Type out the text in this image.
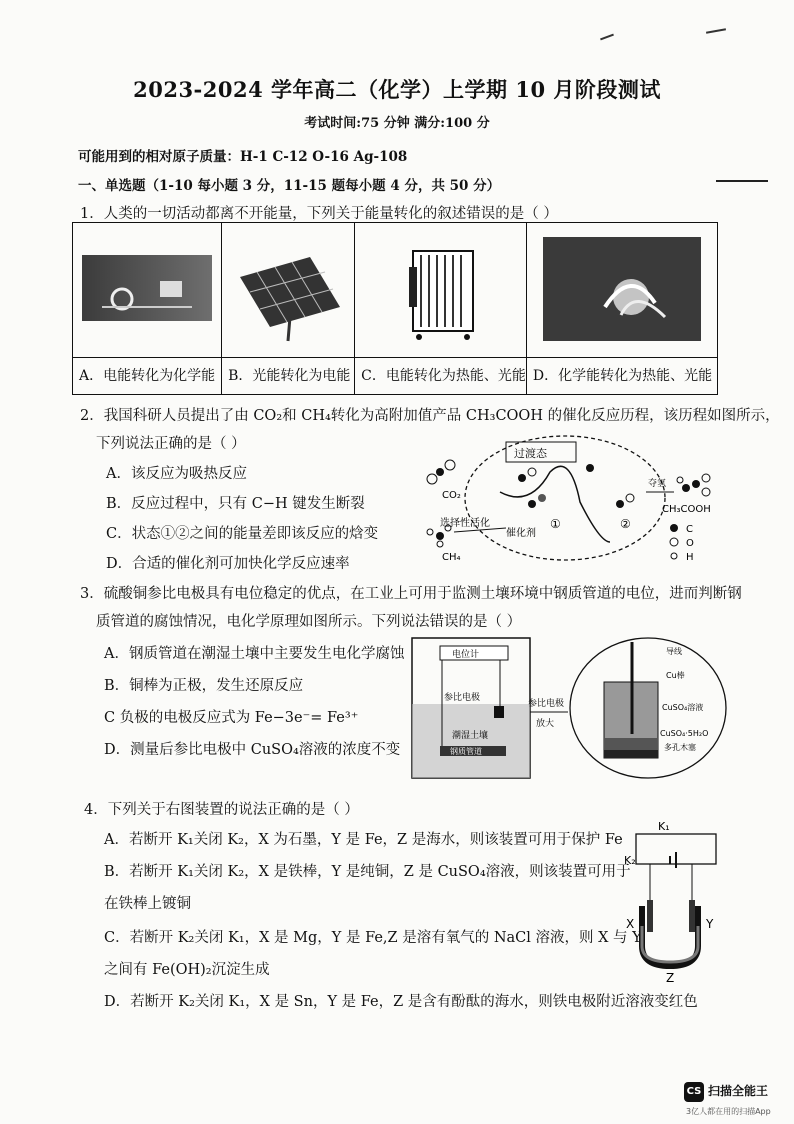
2023-2024 学年高二（化学）上学期 10 月阶段测试
考试时间:75 分钟 满分:100 分
可能用到的相对原子质量：H-1 C-12 O-16 Ag-108
一、单选题（1-10 每小题 3 分，11-15 题每小题 4 分，共 50 分）
1．人类的一切活动都离不开能量，下列关于能量转化的叙述错误的是（ ）
A．电能转化为化学能	B．光能转化为电能	C．电能转化为热能、光能	D．化学能转化为热能、光能
2．我国科研人员提出了由 CO₂和 CH₄转化为高附加值产品 CH₃COOH 的催化反应历程，该历程如图所示，
下列说法正确的是（ ）
A．该反应为吸热反应
B．反应过程中，只有 C−H 键发生断裂
C．状态①②之间的能量差即该反应的焓变
D．合适的催化剂可加快化学反应速率
过渡态
CO₂
CH₄
选择性活化
催化剂
①	②
夺氢
CH₃COOH
C
O
H
3．硫酸铜参比电极具有电位稳定的优点，在工业上可用于监测土壤环境中钢质管道的电位，进而判断钢
质管道的腐蚀情况，电化学原理如图所示。下列说法错误的是（ ）
A．钢质管道在潮湿土壤中主要发生电化学腐蚀
B．铜棒为正极，发生还原反应
C 负极的电极反应式为 Fe−3e⁻= Fe³⁺
D．测量后参比电极中 CuSO₄溶液的浓度不变
电位计
参比电极
潮湿土壤
钢质管道
参比电极
放大
导线
Cu棒
CuSO₄溶液
CuSO₄·5H₂O
多孔木塞
4．下列关于右图装置的说法正确的是（ ）
A．若断开 K₁关闭 K₂，X 为石墨，Y 是 Fe，Z 是海水，则该装置可用于保护 Fe
B．若断开 K₁关闭 K₂，X 是铁棒，Y 是纯铜，Z 是 CuSO₄溶液，则该装置可用于
在铁棒上镀铜
C．若断开 K₂关闭 K₁，X 是 Mg，Y 是 Fe,Z 是溶有氧气的 NaCl 溶液，则 X 与 Y
之间有 Fe(OH)₂沉淀生成
D．若断开 K₂关闭 K₁，X 是 Sn，Y 是 Fe，Z 是含有酚酞的海水，则铁电极附近溶液变红色
K₁
K₂
X	Y
Z
CS 扫描全能王
3亿人都在用的扫描App
